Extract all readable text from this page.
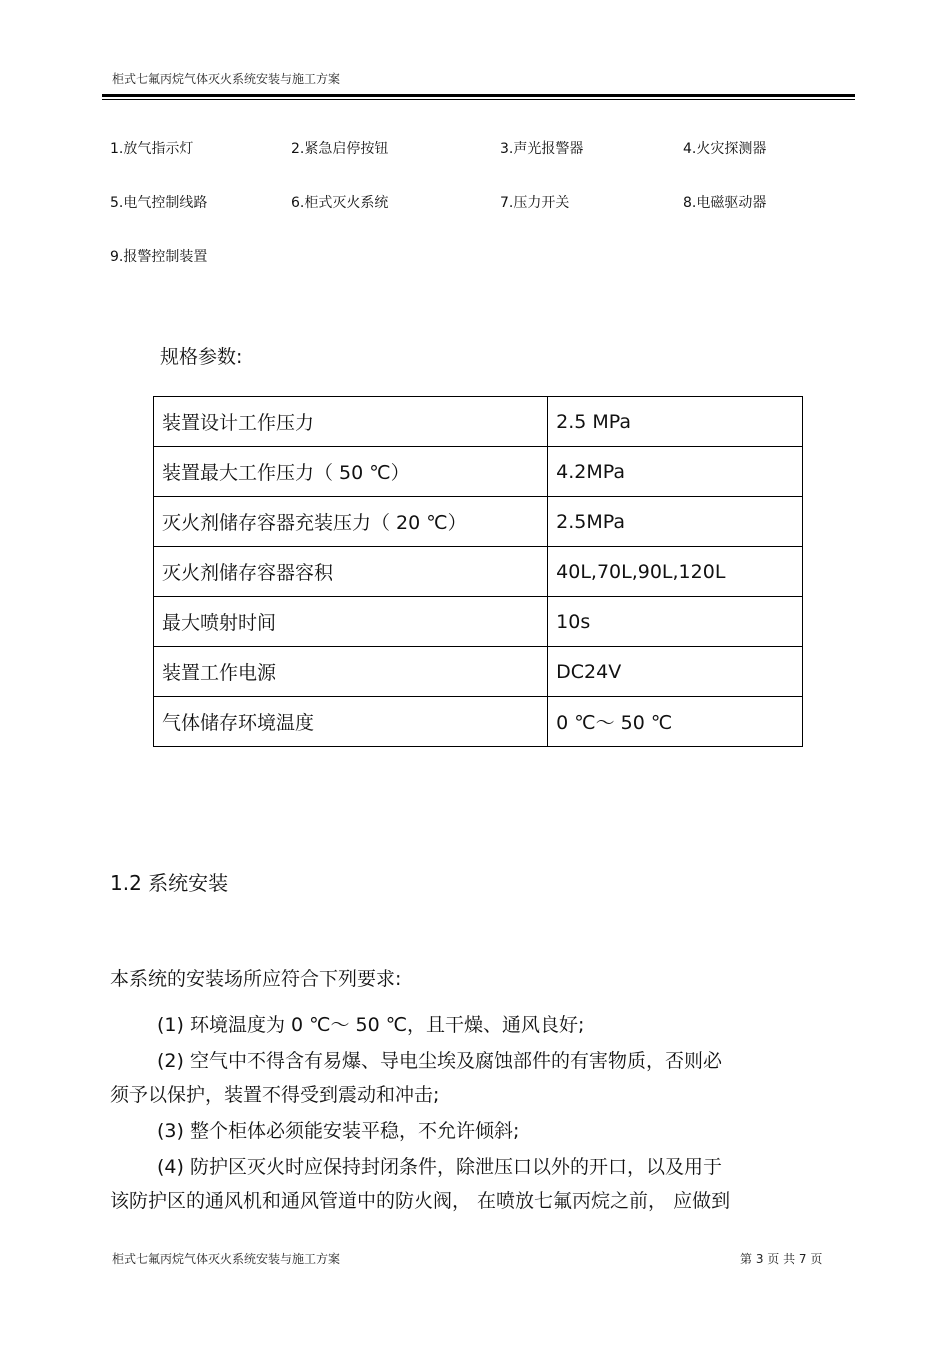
柜式七氟丙烷气体灭火系统安装与施工方案
1.放气指示灯	2.紧急启停按钮	3.声光报警器	4.火灾探测器
5.电气控制线路	6.柜式灭火系统	7.压力开关	8.电磁驱动器
9.报警控制装置
规格参数:
装置设计工作压力	2.5 MPa
装置最大工作压力（ 50 ℃）	4.2MPa
灭火剂储存容器充装压力（ 20 ℃）	2.5MPa
灭火剂储存容器容积	40L,70L,90L,120L
最大喷射时间	10s
装置工作电源	DC24V
气体储存环境温度	0 ℃～ 50 ℃
1.2 系统安装
本系统的安装场所应符合下列要求:
(1) 环境温度为 0 ℃～ 50 ℃，且干燥、通风良好;
(2) 空气中不得含有易爆、导电尘埃及腐蚀部件的有害物质，否则必
须予以保护，装置不得受到震动和冲击;
(3) 整个柜体必须能安装平稳，不允许倾斜;
(4) 防护区灭火时应保持封闭条件，除泄压口以外的开口，以及用于
该防护区的通风机和通风管道中的防火阀， 在喷放七氟丙烷之前， 应做到
柜式七氟丙烷气体灭火系统安装与施工方案	第 3 页 共 7 页
